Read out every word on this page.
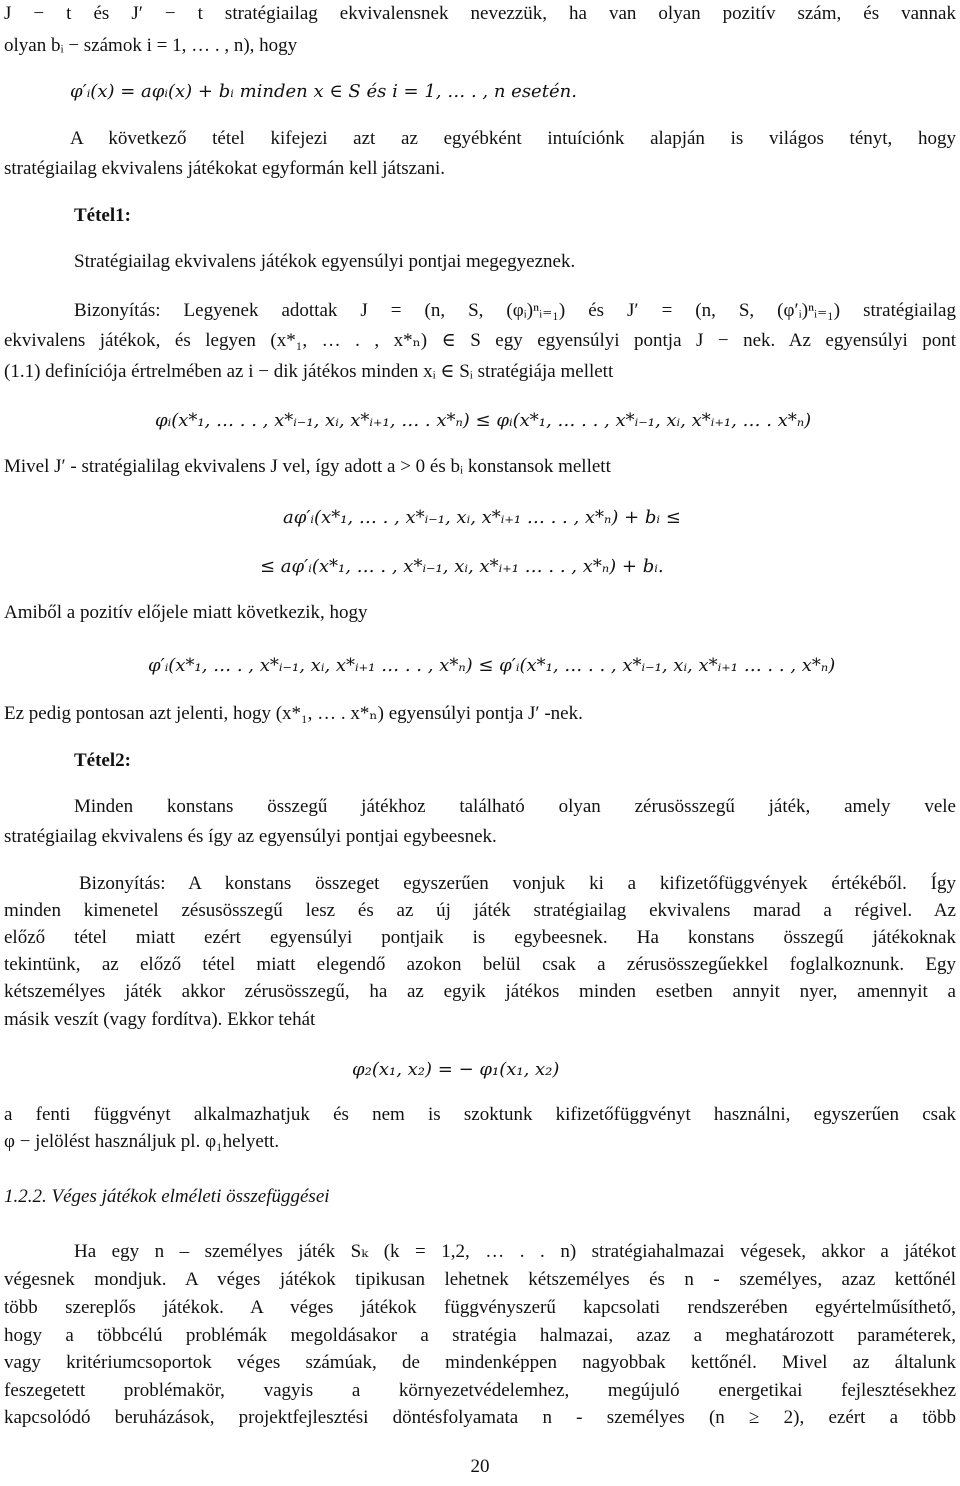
J − t és J′ − t stratégiailag ekvivalensnek nevezzük, ha van olyan pozitív szám, és vannak
olyan bᵢ − számok i = 1, … . , n), hogy
φ′ᵢ(x) = aφᵢ(x) + bᵢ minden x ∈ S és i = 1, … . , n esetén.
A következő tétel kifejezi azt az egyébként intuíciónk alapján is világos tényt, hogy
stratégiailag ekvivalens játékokat egyformán kell játszani.
Tétel1:
Stratégiailag ekvivalens játékok egyensúlyi pontjai megegyeznek.
Bizonyítás: Legyenek adottak J = (n, S, (φᵢ)ⁿᵢ₌₁) és J′ = (n, S, (φ′ᵢ)ⁿᵢ₌₁) stratégiailag
ekvivalens játékok, és legyen (x*₁, … . , x*ₙ) ∈ S egy egyensúlyi pontja J − nek. Az egyensúlyi pont
(1.1) definíciója értrelmében az i − dik játékos minden xᵢ ∈ Sᵢ stratégiája mellett
φᵢ(x*₁, … . . , x*ᵢ₋₁, xᵢ, x*ᵢ₊₁, … . x*ₙ) ≤ φᵢ(x*₁, … . . , x*ᵢ₋₁, xᵢ, x*ᵢ₊₁, … . x*ₙ)
Mivel J′ - stratégialilag ekvivalens J vel, így adott a > 0 és bᵢ konstansok mellett
aφ′ᵢ(x*₁, … . , x*ᵢ₋₁, xᵢ, x*ᵢ₊₁ … . . , x*ₙ) + bᵢ ≤
≤ aφ′ᵢ(x*₁, … . , x*ᵢ₋₁, xᵢ, x*ᵢ₊₁ … . . , x*ₙ) + bᵢ.
Amiből a pozitív előjele miatt következik, hogy
φ′ᵢ(x*₁, … . , x*ᵢ₋₁, xᵢ, x*ᵢ₊₁ … . . , x*ₙ) ≤ φ′ᵢ(x*₁, … . . , x*ᵢ₋₁, xᵢ, x*ᵢ₊₁ … . . , x*ₙ)
Ez pedig pontosan azt jelenti, hogy (x*₁, … . x*ₙ) egyensúlyi pontja J′ -nek.
Tétel2:
Minden konstans összegű játékhoz található olyan zérusösszegű játék, amely vele
stratégiailag ekvivalens és így az egyensúlyi pontjai egybeesnek.
Bizonyítás: A konstans összeget egyszerűen vonjuk ki a kifizetőfüggvények értékéből. Így
minden kimenetel zésusösszegű lesz és az új játék stratégiailag ekvivalens marad a régivel. Az
előző tétel miatt ezért egyensúlyi pontjaik is egybeesnek. Ha konstans összegű játékoknak
tekintünk, az előző tétel miatt elegendő azokon belül csak a zérusösszegűekkel foglalkoznunk. Egy
kétszemélyes játék akkor zérusösszegű, ha az egyik játékos minden esetben annyit nyer, amennyit a
másik veszít (vagy fordítva). Ekkor tehát
φ₂(x₁, x₂) = − φ₁(x₁, x₂)
a fenti függvényt alkalmazhatjuk és nem is szoktunk kifizetőfüggvényt használni, egyszerűen csak
φ − jelölést használjuk pl. φ₁helyett.
1.2.2. Véges játékok elméleti összefüggései
Ha egy n – személyes játék Sₖ (k = 1,2, … . . n) stratégiahalmazai végesek, akkor a játékot
végesnek mondjuk. A véges játékok tipikusan lehetnek kétszemélyes és n - személyes, azaz kettőnél
több szereplős játékok. A véges játékok függvényszerű kapcsolati rendszerében egyértelműsíthető,
hogy a többcélú problémák megoldásakor a stratégia halmazai, azaz a meghatározott paraméterek,
vagy kritériumcsoportok véges számúak, de mindenképpen nagyobbak kettőnél. Mivel az általunk
feszegetett problémakör, vagyis a környezetvédelemhez, megújuló energetikai fejlesztésekhez
kapcsolódó beruházások, projektfejlesztési döntésfolyamata n - személyes (n ≥ 2), ezért a több
20
